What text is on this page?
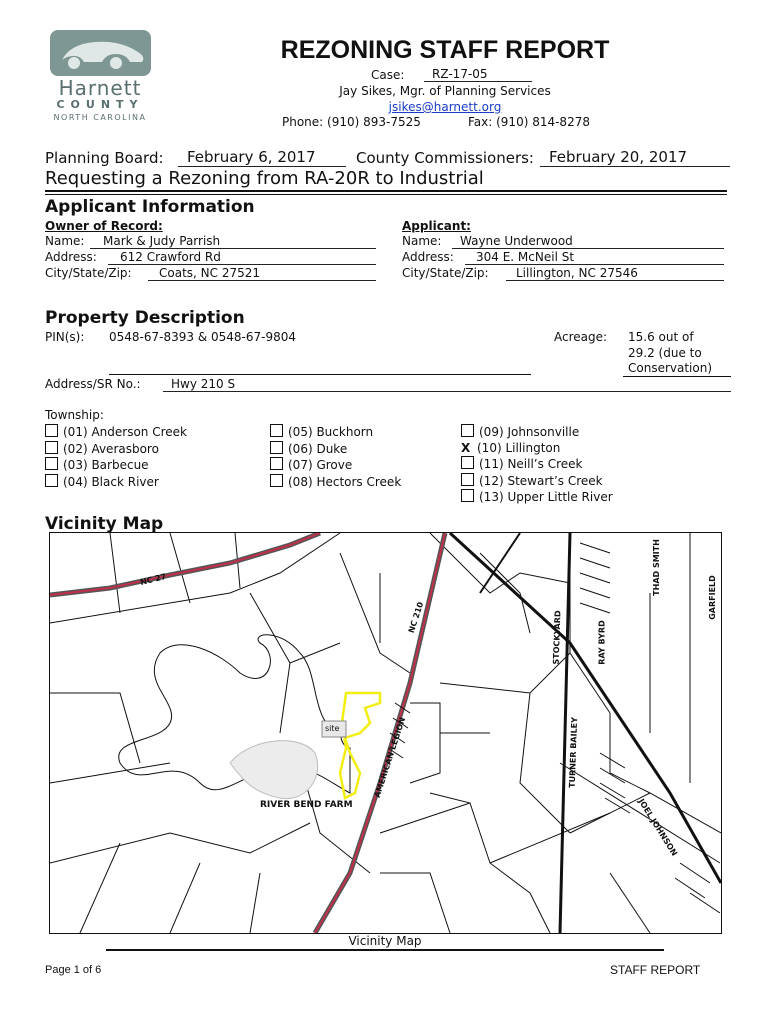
Harnett
COUNTY
NORTH CAROLINA
REZONING STAFF REPORT
Case:	RZ-17-05
Jay Sikes, Mgr. of Planning Services
jsikes@harnett.org
Phone: (910) 893-7525	Fax: (910) 814-8278
Planning Board:	February 6, 2017	County Commissioners:	February 20, 2017
Requesting a Rezoning from RA-20R to Industrial
Applicant Information
Owner of Record:	Applicant:
Name:	Mark & Judy Parrish
Address:	612 Crawford Rd
City/State/Zip:	Coats, NC 27521
Name:	Wayne Underwood
Address:	304 E. McNeil St
City/State/Zip:	Lillington, NC 27546
Property Description
PIN(s): 0548-67-8393 & 0548-67-9804	Acreage: 15.6 out of
29.2 (due to
Conservation)
Address/SR No.:	Hwy 210 S
Township:
(01) Anderson Creek
(02) Averasboro
(03) Barbecue
(04) Black River
(05) Buckhorn
(06) Duke
(07) Grove
(08) Hectors Creek
(09) Johnsonville
X (10) Lillington
(11) Neill’s Creek
(12) Stewart’s Creek
(13) Upper Little River
Vicinity Map
site
NC 27
NC 210
RIVER BEND FARM
AMERICAN LEGION
STOCKYARD	RAY BYRD
THAD SMITH
GARFIELD
TURNER BAILEY
JOEL JOHNSON
Vicinity Map
Page 1 of 6	STAFF REPORT
